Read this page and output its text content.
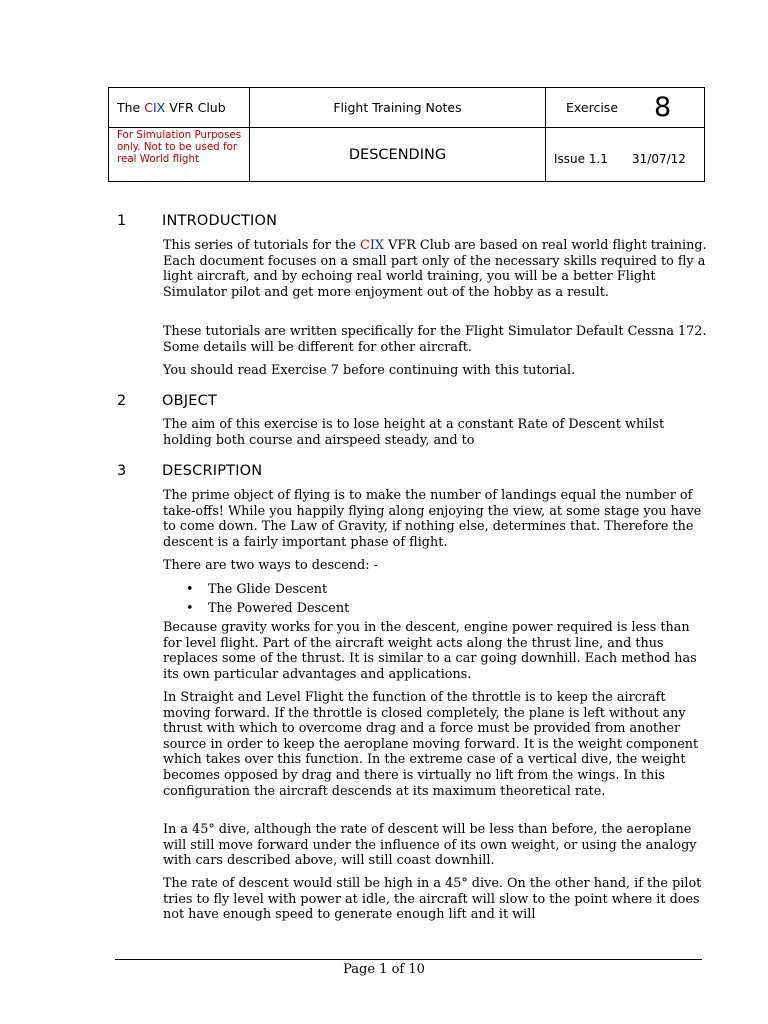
The CIX VFR Club	Flight Training Notes	Exercise 8

For Simulation Purposes only. Not to be used for real World flight	DESCENDING	Issue 1.1 31/07/12
1 INTRODUCTION

This series of tutorials for the CIX VFR Club are based on real world flight training. Each document focuses on a small part only of the necessary skills required to fly a light aircraft, and by echoing real world training, you will be a better Flight Simulator pilot and get more enjoyment out of the hobby as a result.

These tutorials are written specifically for the Flight Simulator Default Cessna 172. Some details will be different for other aircraft.

You should read Exercise 7 before continuing with this tutorial.

2 OBJECT

The aim of this exercise is to lose height at a constant Rate of Descent whilst holding both course and airspeed steady, and to

3 DESCRIPTION

The prime object of flying is to make the number of landings equal the number of take-offs! While you happily flying along enjoying the view, at some stage you have to come down. The Law of Gravity, if nothing else, determines that. Therefore the descent is a fairly important phase of flight.

There are two ways to descend: -

• The Glide Descent
• The Powered Descent

Because gravity works for you in the descent, engine power required is less than for level flight. Part of the aircraft weight acts along the thrust line, and thus replaces some of the thrust. It is similar to a car going downhill. Each method has its own particular advantages and applications.

In Straight and Level Flight the function of the throttle is to keep the aircraft moving forward. If the throttle is closed completely, the plane is left without any thrust with which to overcome drag and a force must be provided from another source in order to keep the aeroplane moving forward. It is the weight component which takes over this function. In the extreme case of a vertical dive, the weight becomes opposed by drag and there is virtually no lift from the wings. In this configuration the aircraft descends at its maximum theoretical rate.

In a 45° dive, although the rate of descent will be less than before, the aeroplane will still move forward under the influence of its own weight, or using the analogy with cars described above, will still coast downhill.

The rate of descent would still be high in a 45° dive. On the other hand, if the pilot tries to fly level with power at idle, the aircraft will slow to the point where it does not have enough speed to generate enough lift and it will

Page 1 of 10
